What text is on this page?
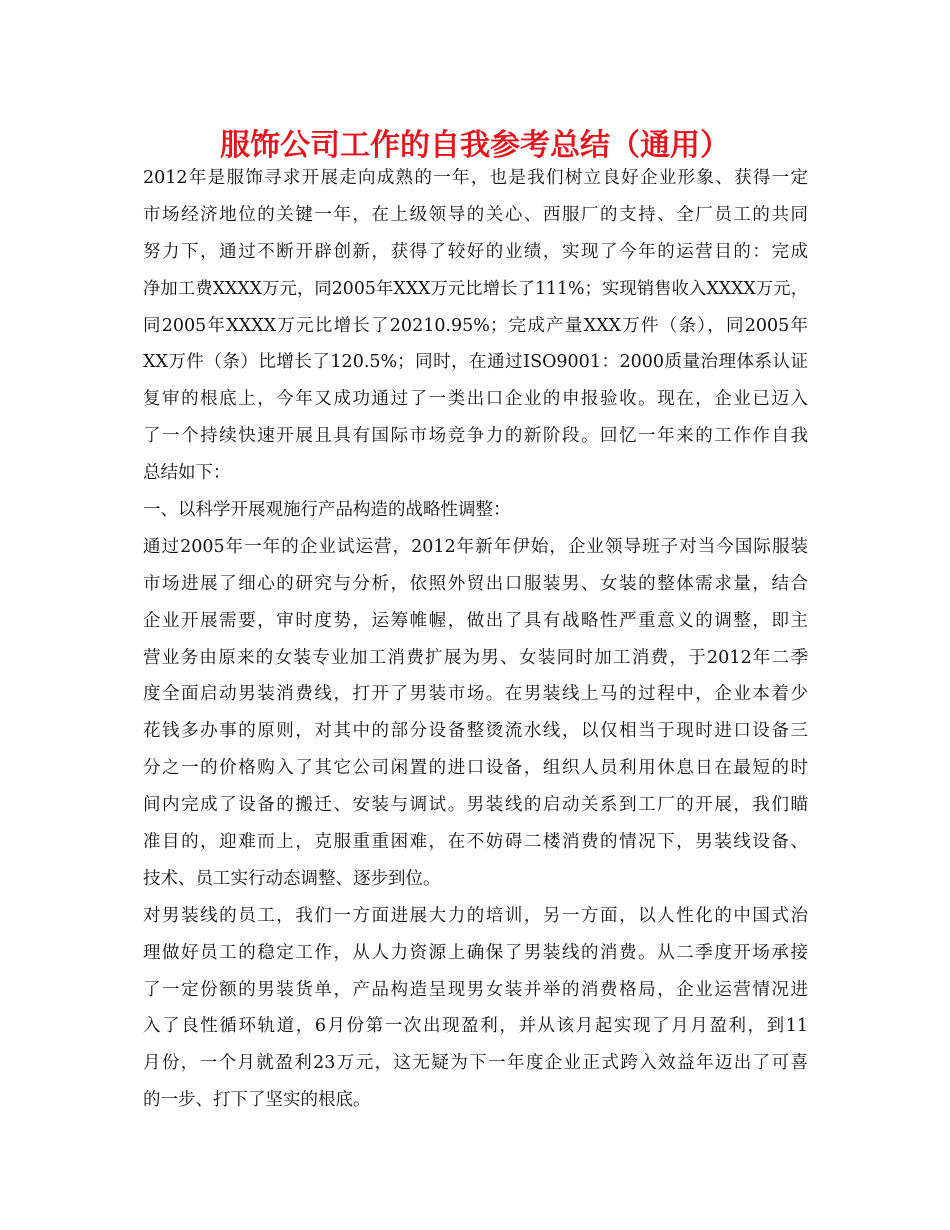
服饰公司工作的自我参考总结（通用）
2012年是服饰寻求开展走向成熟的一年，也是我们树立良好企业形象、获得一定
市场经济地位的关键一年，在上级领导的关心、西服厂的支持、全厂员工的共同
努力下，通过不断开辟创新，获得了较好的业绩，实现了今年的运营目的：完成
净加工费XXXX万元，同2005年XXX万元比增长了111%；实现销售收入XXXX万元，
同2005年XXXX万元比增长了20210.95%；完成产量XXX万件（条），同2005年
XX万件（条）比增长了120.5%；同时，在通过ISO9001：2000质量治理体系认证
复审的根底上，今年又成功通过了一类出口企业的申报验收。现在，企业已迈入
了一个持续快速开展且具有国际市场竞争力的新阶段。回忆一年来的工作作自我
总结如下：
一、以科学开展观施行产品构造的战略性调整：
通过2005年一年的企业试运营，2012年新年伊始，企业领导班子对当今国际服装
市场进展了细心的研究与分析，依照外贸出口服装男、女装的整体需求量，结合
企业开展需要，审时度势，运筹帷幄，做出了具有战略性严重意义的调整，即主
营业务由原来的女装专业加工消费扩展为男、女装同时加工消费，于2012年二季
度全面启动男装消费线，打开了男装市场。在男装线上马的过程中，企业本着少
花钱多办事的原则，对其中的部分设备整烫流水线，以仅相当于现时进口设备三
分之一的价格购入了其它公司闲置的进口设备，组织人员利用休息日在最短的时
间内完成了设备的搬迁、安装与调试。男装线的启动关系到工厂的开展，我们瞄
准目的，迎难而上，克服重重困难，在不妨碍二楼消费的情况下，男装线设备、
技术、员工实行动态调整、逐步到位。
对男装线的员工，我们一方面进展大力的培训，另一方面，以人性化的中国式治
理做好员工的稳定工作，从人力资源上确保了男装线的消费。从二季度开场承接
了一定份额的男装货单，产品构造呈现男女装并举的消费格局，企业运营情况进
入了良性循环轨道，6月份第一次出现盈利，并从该月起实现了月月盈利，到11
月份，一个月就盈利23万元，这无疑为下一年度企业正式跨入效益年迈出了可喜
的一步、打下了坚实的根底。
